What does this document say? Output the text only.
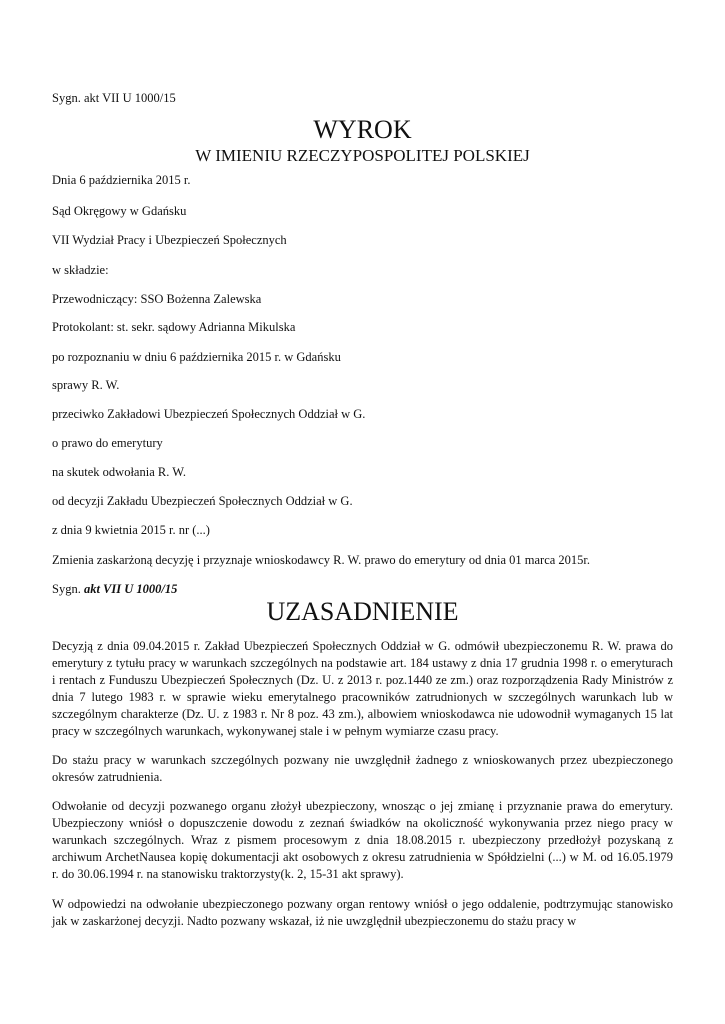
Sygn. akt VII U 1000/15
WYROK
W IMIENIU RZECZYPOSPOLITEJ POLSKIEJ
Dnia 6 października 2015 r.
Sąd Okręgowy w Gdańsku
VII Wydział Pracy i Ubezpieczeń Społecznych
w składzie:
Przewodniczący: SSO Bożenna Zalewska
Protokolant: st. sekr. sądowy Adrianna Mikulska
po rozpoznaniu w dniu 6 października 2015 r. w Gdańsku
sprawy R. W.
przeciwko Zakładowi Ubezpieczeń Społecznych Oddział w G.
o prawo do emerytury
na skutek odwołania R. W.
od decyzji Zakładu Ubezpieczeń Społecznych Oddział w G.
z dnia 9 kwietnia 2015 r. nr (...)
Zmienia zaskarżoną decyzję i przyznaje wnioskodawcy R. W. prawo do emerytury od dnia 01 marca 2015r.
Sygn. akt VII U 1000/15
UZASADNIENIE
Decyzją z dnia 09.04.2015 r. Zakład Ubezpieczeń Społecznych Oddział w G. odmówił ubezpieczonemu R. W. prawa do emerytury z tytułu pracy w warunkach szczególnych na podstawie art. 184 ustawy z dnia 17 grudnia 1998 r. o emeryturach i rentach z Funduszu Ubezpieczeń Społecznych (Dz. U. z 2013 r. poz.1440 ze zm.) oraz rozporządzenia Rady Ministrów z dnia 7 lutego 1983 r. w sprawie wieku emerytalnego pracowników zatrudnionych w szczególnych warunkach lub w szczególnym charakterze (Dz. U. z 1983 r. Nr 8 poz. 43 zm.), albowiem wnioskodawca nie udowodnił wymaganych 15 lat pracy w szczególnych warunkach, wykonywanej stale i w pełnym wymiarze czasu pracy.
Do stażu pracy w warunkach szczególnych pozwany nie uwzględnił żadnego z wnioskowanych przez ubezpieczonego okresów zatrudnienia.
Odwołanie od decyzji pozwanego organu złożył ubezpieczony, wnosząc o jej zmianę i przyznanie prawa do emerytury. Ubezpieczony wniósł o dopuszczenie dowodu z zeznań świadków na okoliczność wykonywania przez niego pracy w warunkach szczególnych. Wraz z pismem procesowym z dnia 18.08.2015 r. ubezpieczony przedłożył pozyskaną z archiwum ArchetNausea kopię dokumentacji akt osobowych z okresu zatrudnienia w Spółdzielni (...) w M. od 16.05.1979 r. do 30.06.1994 r. na stanowisku traktorzysty(k. 2, 15-31 akt sprawy).
W odpowiedzi na odwołanie ubezpieczonego pozwany organ rentowy wniósł o jego oddalenie, podtrzymując stanowisko jak w zaskarżonej decyzji. Nadto pozwany wskazał, iż nie uwzględnił ubezpieczonemu do stażu pracy w
